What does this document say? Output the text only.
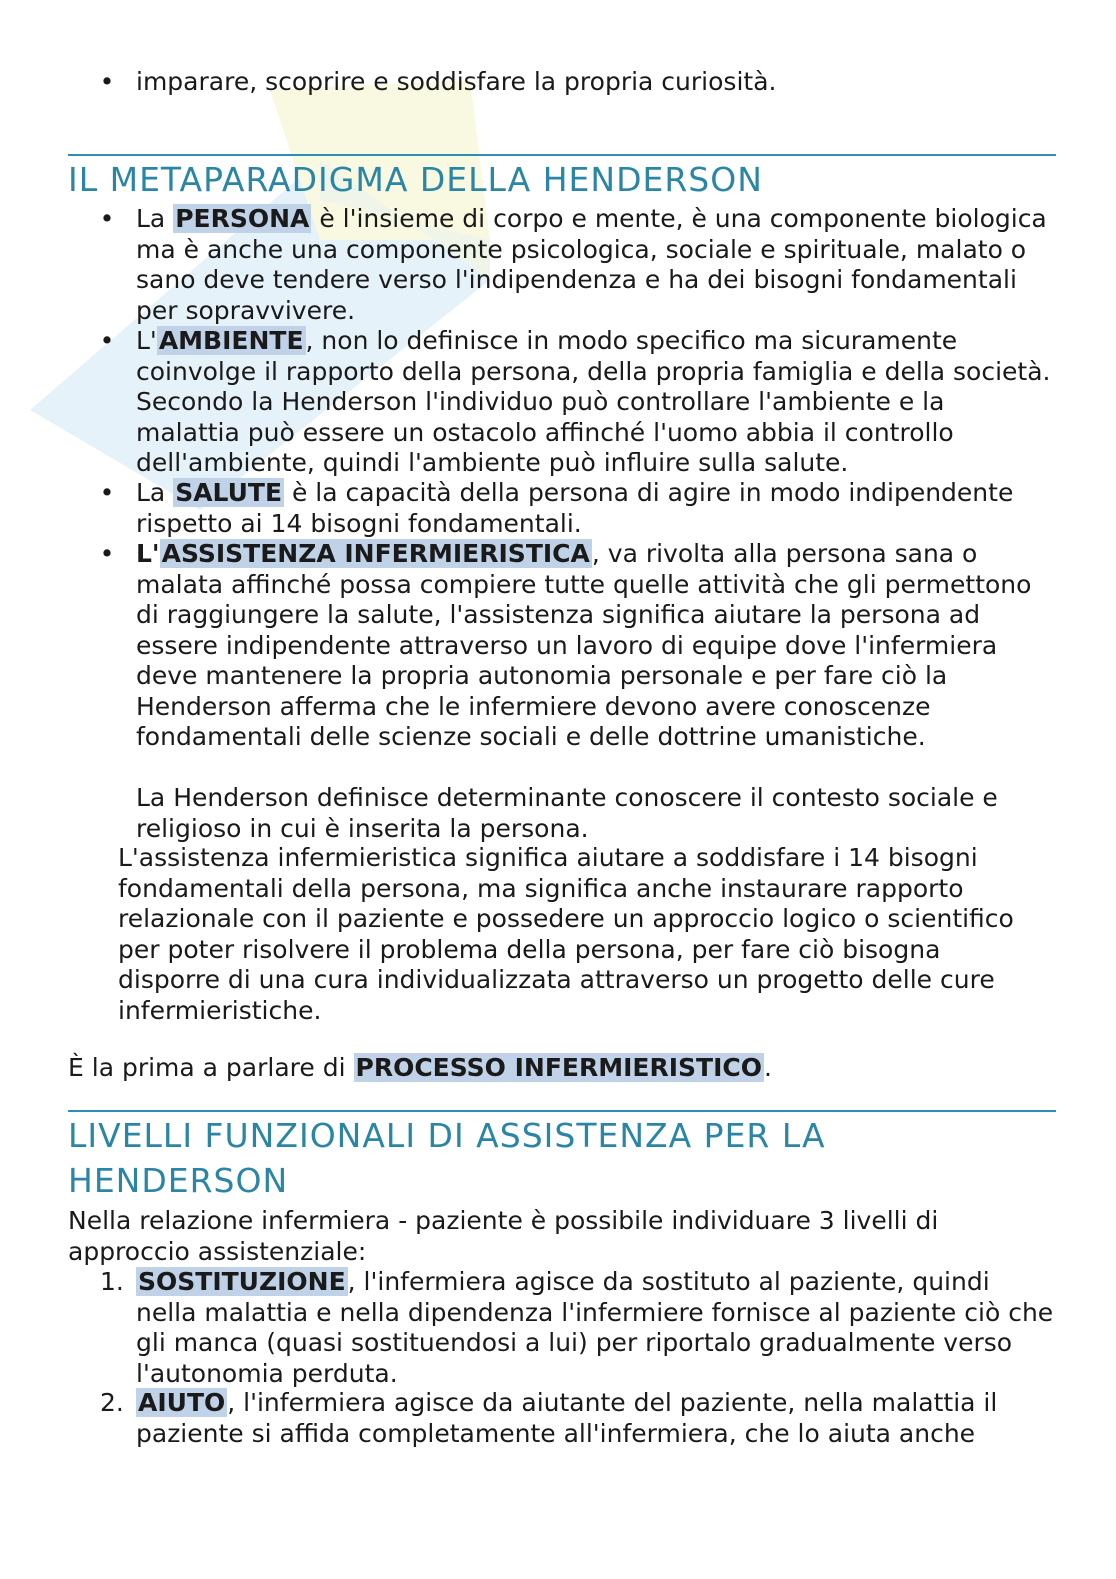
• imparare, scoprire e soddisfare la propria curiosità.
IL METAPARADIGMA DELLA HENDERSON
• La PERSONA è l'insieme di corpo e mente, è una componente biologica ma è anche una componente psicologica, sociale e spirituale, malato o sano deve tendere verso l'indipendenza e ha dei bisogni fondamentali per sopravvivere.
• L'AMBIENTE, non lo definisce in modo specifico ma sicuramente coinvolge il rapporto della persona, della propria famiglia e della società. Secondo la Henderson l'individuo può controllare l'ambiente e la malattia può essere un ostacolo affinché l'uomo abbia il controllo dell'ambiente, quindi l'ambiente può influire sulla salute.
• La SALUTE è la capacità della persona di agire in modo indipendente rispetto ai 14 bisogni fondamentali.
• L'ASSISTENZA INFERMIERISTICA, va rivolta alla persona sana o malata affinché possa compiere tutte quelle attività che gli permettono di raggiungere la salute, l'assistenza significa aiutare la persona ad essere indipendente attraverso un lavoro di equipe dove l'infermiera deve mantenere la propria autonomia personale e per fare ciò la Henderson afferma che le infermiere devono avere conoscenze fondamentali delle scienze sociali e delle dottrine umanistiche.
La Henderson definisce determinante conoscere il contesto sociale e religioso in cui è inserita la persona.
L'assistenza infermieristica significa aiutare a soddisfare i 14 bisogni fondamentali della persona, ma significa anche instaurare rapporto relazionale con il paziente e possedere un approccio logico o scientifico per poter risolvere il problema della persona, per fare ciò bisogna disporre di una cura individualizzata attraverso un progetto delle cure infermieristiche.
È la prima a parlare di PROCESSO INFERMIERISTICO.
LIVELLI FUNZIONALI DI ASSISTENZA PER LA
HENDERSON
Nella relazione infermiera - paziente è possibile individuare 3 livelli di approccio assistenziale:
1. SOSTITUZIONE, l'infermiera agisce da sostituto al paziente, quindi nella malattia e nella dipendenza l'infermiere fornisce al paziente ciò che gli manca (quasi sostituendosi a lui) per riportalo gradualmente verso l'autonomia perduta.
2. AIUTO, l'infermiera agisce da aiutante del paziente, nella malattia il paziente si affida completamente all'infermiera, che lo aiuta anche
